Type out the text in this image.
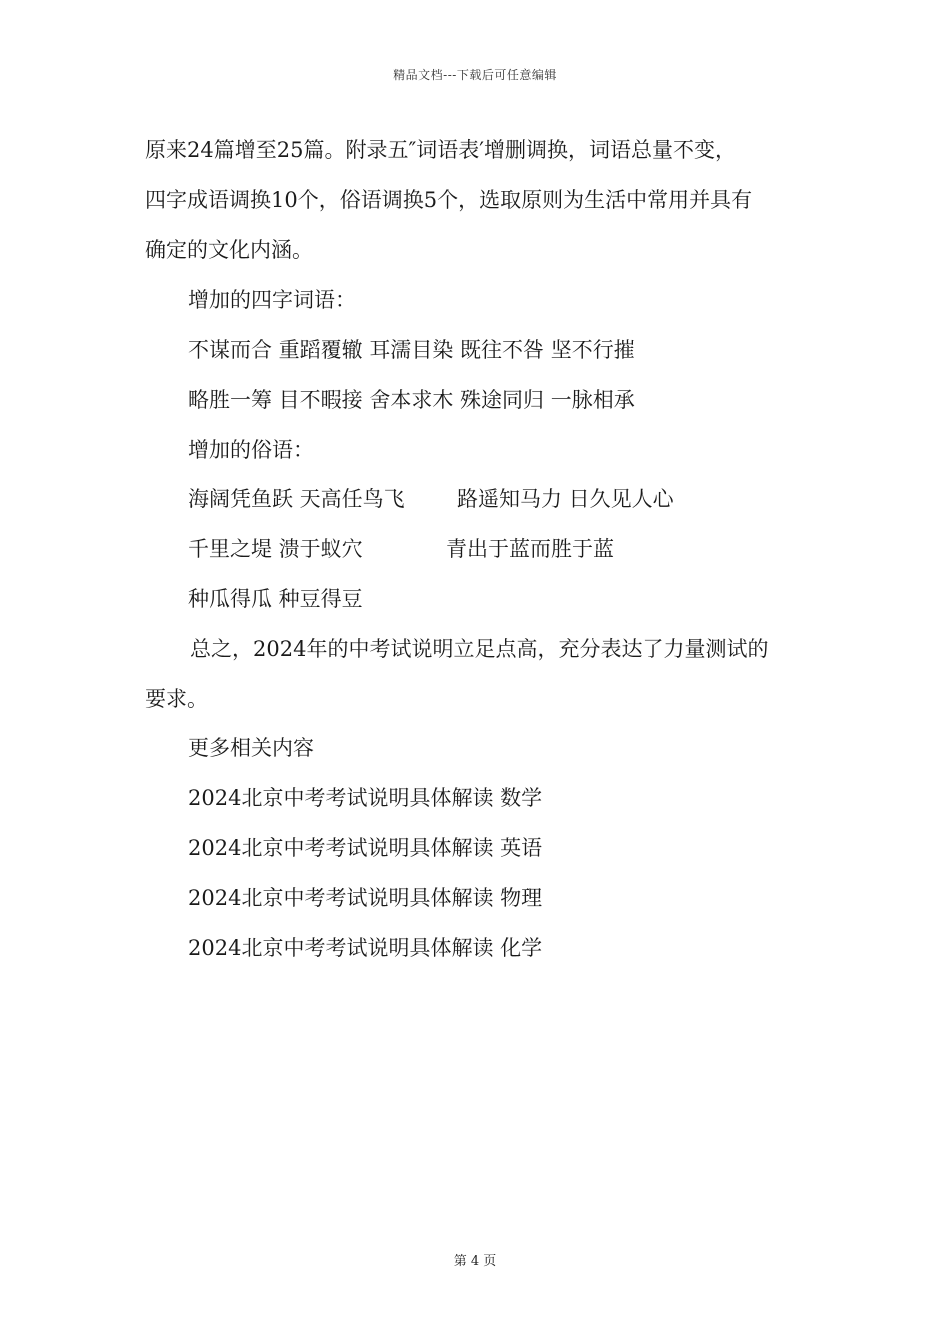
精品文档---下载后可任意编辑
原来24篇增至25篇。附录五″词语表′增删调换，词语总量不变，
四字成语调换10个，俗语调换5个，选取原则为生活中常用并具有
确定的文化内涵。
增加的四字词语：
不谋而合 重蹈覆辙 耳濡目染 既往不咎 坚不行摧
略胜一筹 目不暇接 舍本求木 殊途同归 一脉相承
增加的俗语：
海阔凭鱼跃 天高任鸟飞 路遥知马力 日久见人心
千里之堤 溃于蚁穴	青出于蓝而胜于蓝
种瓜得瓜 种豆得豆
总之，2024年的中考试说明立足点高，充分表达了力量测试的
要求。
更多相关内容
2024北京中考考试说明具体解读 数学
2024北京中考考试说明具体解读 英语
2024北京中考考试说明具体解读 物理
2024北京中考考试说明具体解读 化学
第 4 页
